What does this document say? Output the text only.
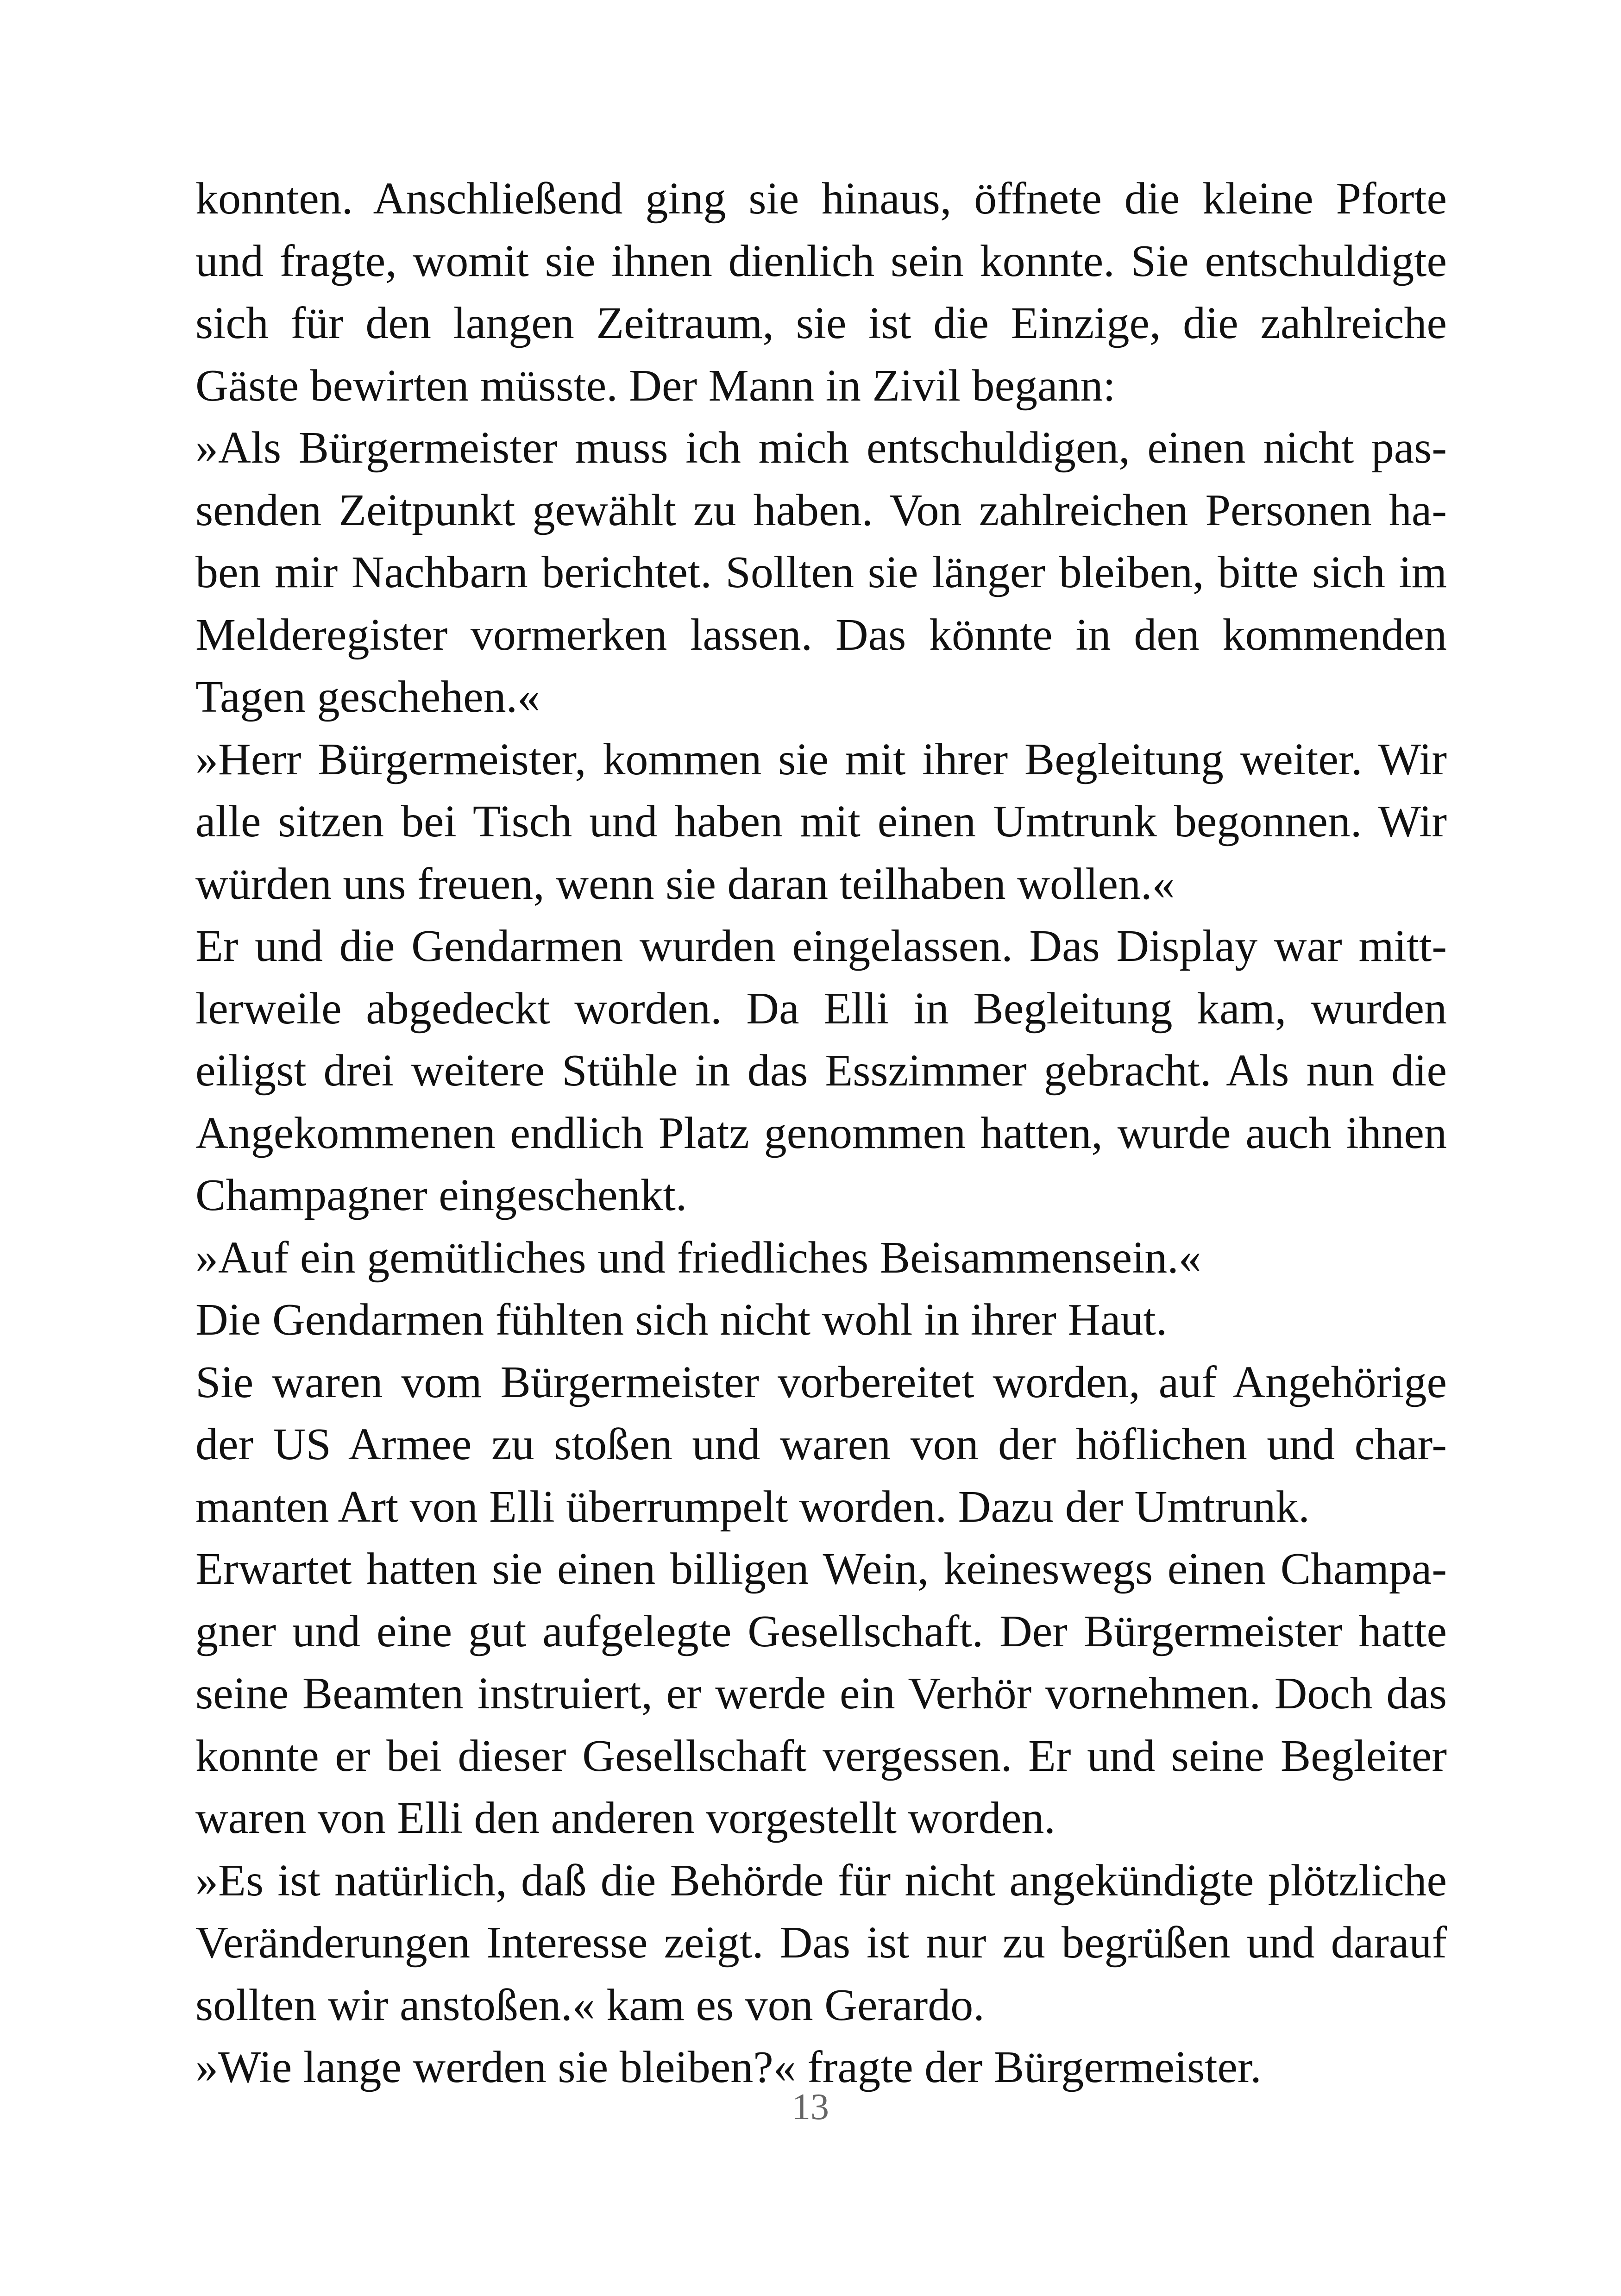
konnten. Anschließend ging sie hinaus, öffnete die kleine Pforte
und fragte, womit sie ihnen dienlich sein konnte. Sie entschuldigte
sich für den langen Zeitraum, sie ist die Einzige, die zahlreiche
Gäste bewirten müsste. Der Mann in Zivil begann:
»Als Bürgermeister muss ich mich entschuldigen, einen nicht pas-
senden Zeitpunkt gewählt zu haben. Von zahlreichen Personen ha-
ben mir Nachbarn berichtet. Sollten sie länger bleiben, bitte sich im
Melderegister vormerken lassen. Das könnte in den kommenden
Tagen geschehen.«
»Herr Bürgermeister, kommen sie mit ihrer Begleitung weiter. Wir
alle sitzen bei Tisch und haben mit einen Umtrunk begonnen. Wir
würden uns freuen, wenn sie daran teilhaben wollen.«
Er und die Gendarmen wurden eingelassen. Das Display war mitt-
lerweile abgedeckt worden. Da Elli in Begleitung kam, wurden
eiligst drei weitere Stühle in das Esszimmer gebracht. Als nun die
Angekommenen endlich Platz genommen hatten, wurde auch ihnen
Champagner eingeschenkt.
»Auf ein gemütliches und friedliches Beisammensein.«
Die Gendarmen fühlten sich nicht wohl in ihrer Haut.
Sie waren vom Bürgermeister vorbereitet worden, auf Angehörige
der US Armee zu stoßen und waren von der höflichen und char-
manten Art von Elli überrumpelt worden. Dazu der Umtrunk.
Erwartet hatten sie einen billigen Wein, keineswegs einen Champa-
gner und eine gut aufgelegte Gesellschaft. Der Bürgermeister hatte
seine Beamten instruiert, er werde ein Verhör vornehmen. Doch das
konnte er bei dieser Gesellschaft vergessen. Er und seine Begleiter
waren von Elli den anderen vorgestellt worden.
»Es ist natürlich, daß die Behörde für nicht angekündigte plötzliche
Veränderungen Interesse zeigt. Das ist nur zu begrüßen und darauf
sollten wir anstoßen.« kam es von Gerardo.
»Wie lange werden sie bleiben?« fragte der Bürgermeister.
13
